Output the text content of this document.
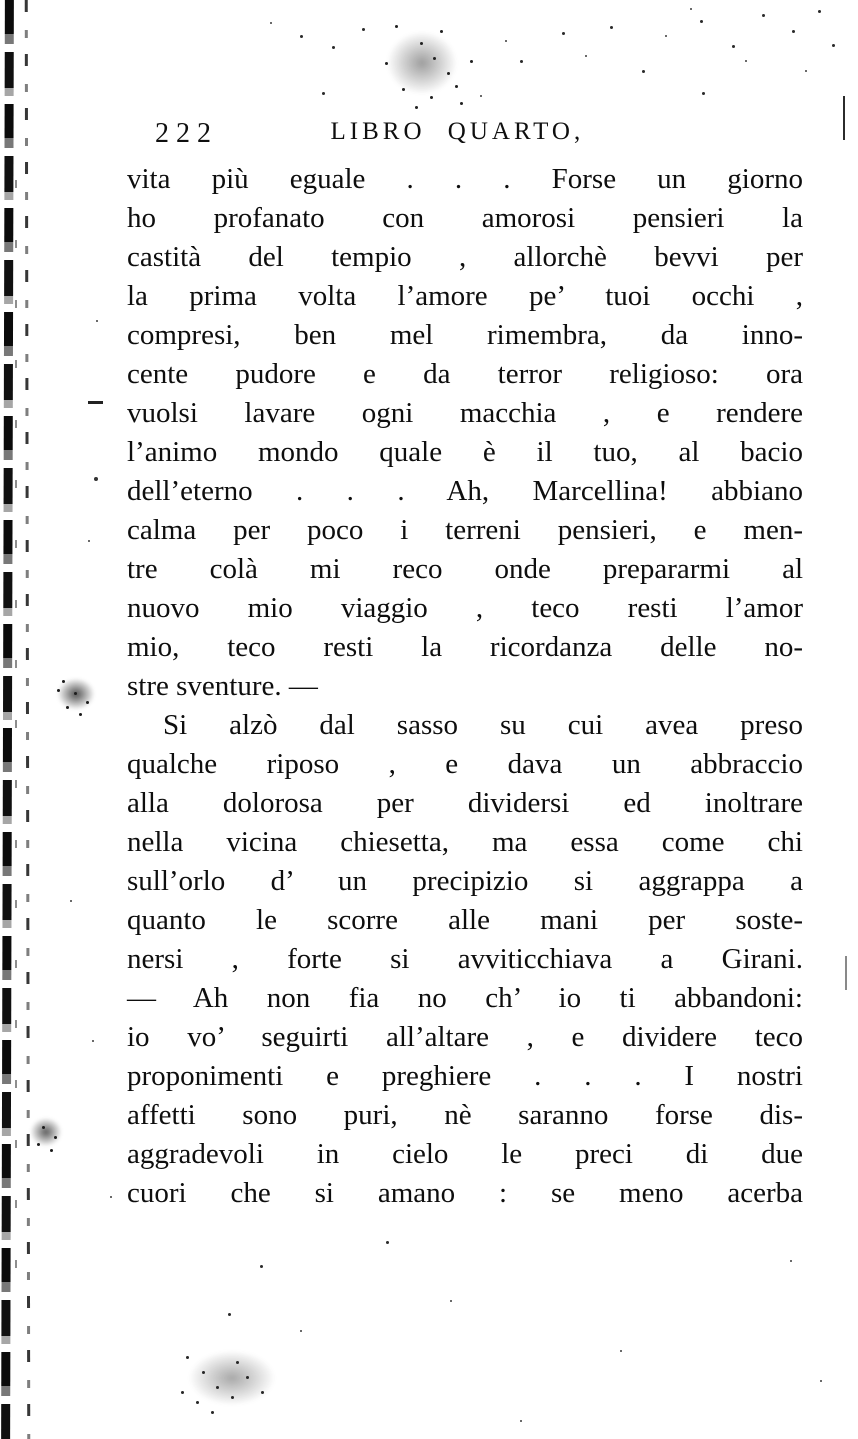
222	LIBRO QUARTO,
vita più eguale . . . Forse un giorno
ho profanato con amorosi pensieri la
castità del tempio , allorchè bevvi per
la prima volta l’amore pe’ tuoi occhi ,
compresi, ben mel rimembra, da inno-
cente pudore e da terror religioso: ora
vuolsi lavare ogni macchia , e rendere
l’animo mondo quale è il tuo, al bacio
dell’eterno . . . Ah, Marcellina! abbiano
calma per poco i terreni pensieri, e men-
tre colà mi reco onde prepararmi al
nuovo mio viaggio , teco resti l’amor
mio, teco resti la ricordanza delle no-
stre sventure. —
Si alzò dal sasso su cui avea preso
qualche riposo , e dava un abbraccio
alla dolorosa per dividersi ed inoltrare
nella vicina chiesetta, ma essa come chi
sull’orlo d’ un precipizio si aggrappa a
quanto le scorre alle mani per soste-
nersi , forte si avviticchiava a Girani.
— Ah non fia no ch’ io ti abbandoni:
io vo’ seguirti all’altare , e dividere teco
proponimenti e preghiere . . . I nostri
affetti sono puri, nè saranno forse dis-
aggradevoli in cielo le preci di due
cuori che si amano : se meno acerba
